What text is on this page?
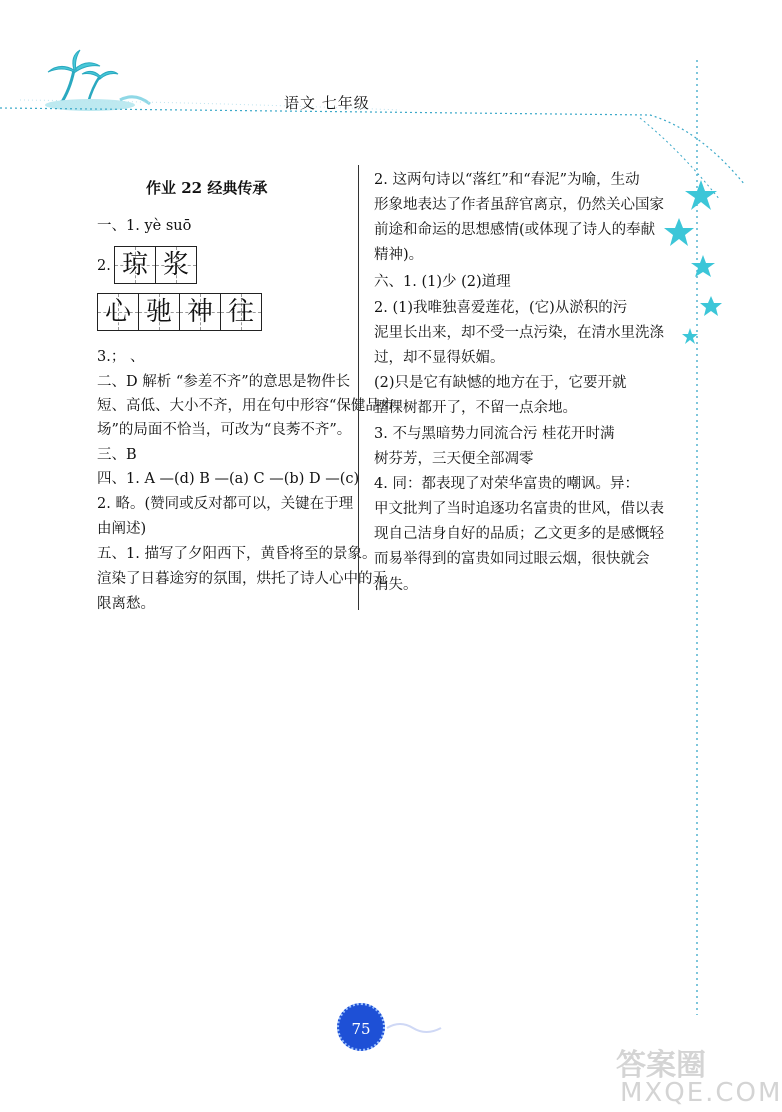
语文 七年级
作业 22 经典传承
一、1. yè suō
2. 琼 浆
心 驰 神 往
3.； 、
二、D 解析 “参差不齐”的意思是物件长
短、高低、大小不齐，用在句中形容“保健品市
场”的局面不恰当，可改为“良莠不齐”。
三、B
四、1. A —(d) B —(a) C —(b) D —(c)
2. 略。(赞同或反对都可以，关键在于理
由阐述)
五、1. 描写了夕阳西下，黄昏将至的景象。
渲染了日暮途穷的氛围，烘托了诗人心中的无
限离愁。
2. 这两句诗以“落红”和“春泥”为喻，生动
形象地表达了作者虽辞官离京，仍然关心国家
前途和命运的思想感情(或体现了诗人的奉献
精神)。
六、1. (1)少 (2)道理
2. (1)我唯独喜爱莲花，(它)从淤积的污
泥里长出来，却不受一点污染，在清水里洗涤
过，却不显得妖媚。
(2)只是它有缺憾的地方在于，它要开就
整棵树都开了，不留一点余地。
3. 不与黑暗势力同流合污 桂花开时满
树芬芳，三天便全部凋零
4. 同：都表现了对荣华富贵的嘲讽。异：
甲文批判了当时追逐功名富贵的世风，借以表
现自己洁身自好的品质；乙文更多的是感慨轻
而易举得到的富贵如同过眼云烟，很快就会
消失。
75
答案圈
MXQE.COM
